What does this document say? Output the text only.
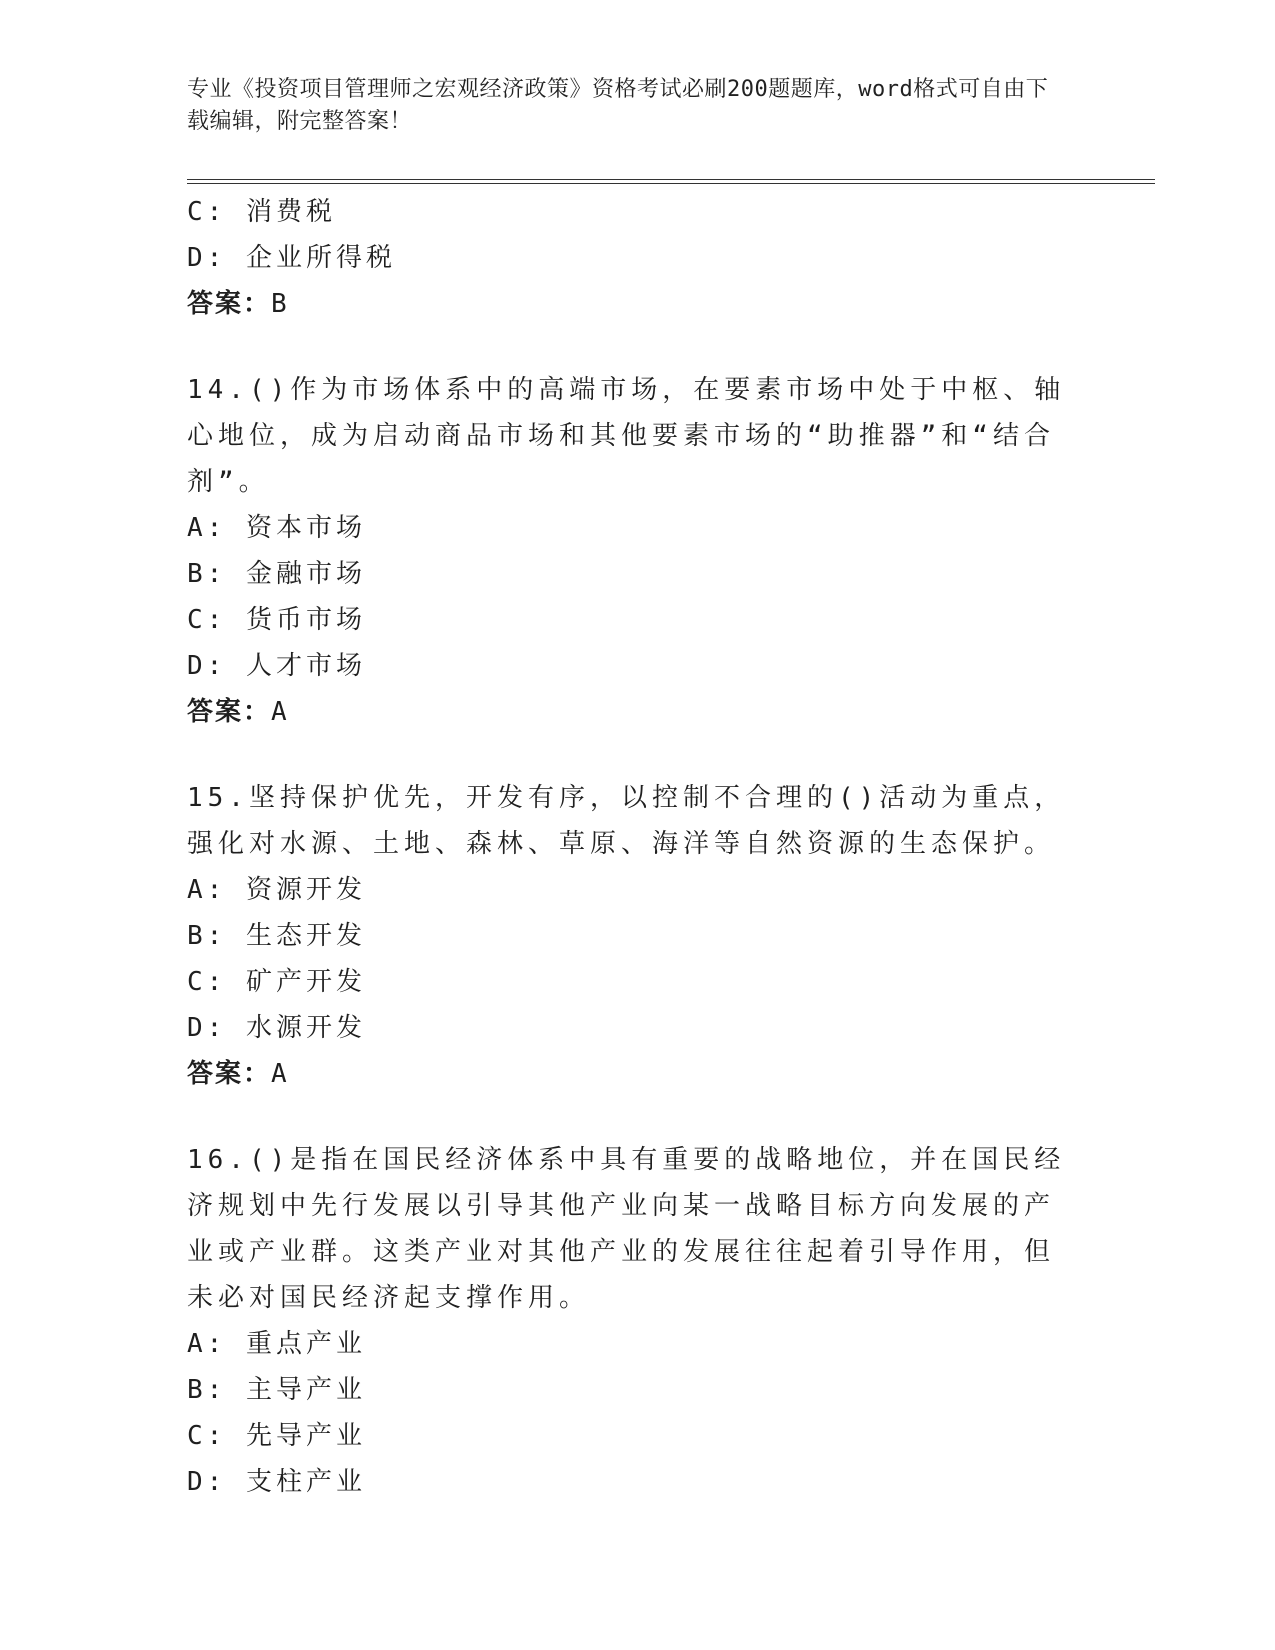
专业《投资项目管理师之宏观经济政策》资格考试必刷200题题库，word格式可自由下载编辑，附完整答案！
C: 消费税
D: 企业所得税
答案：B
14.()作为市场体系中的高端市场，在要素市场中处于中枢、轴心地位，成为启动商品市场和其他要素市场的“助推器”和“结合剂”。
A: 资本市场
B: 金融市场
C: 货币市场
D: 人才市场
答案：A
15.坚持保护优先，开发有序，以控制不合理的()活动为重点，强化对水源、土地、森林、草原、海洋等自然资源的生态保护。
A: 资源开发
B: 生态开发
C: 矿产开发
D: 水源开发
答案：A
16.()是指在国民经济体系中具有重要的战略地位，并在国民经济规划中先行发展以引导其他产业向某一战略目标方向发展的产业或产业群。这类产业对其他产业的发展往往起着引导作用，但未必对国民经济起支撑作用。
A: 重点产业
B: 主导产业
C: 先导产业
D: 支柱产业
